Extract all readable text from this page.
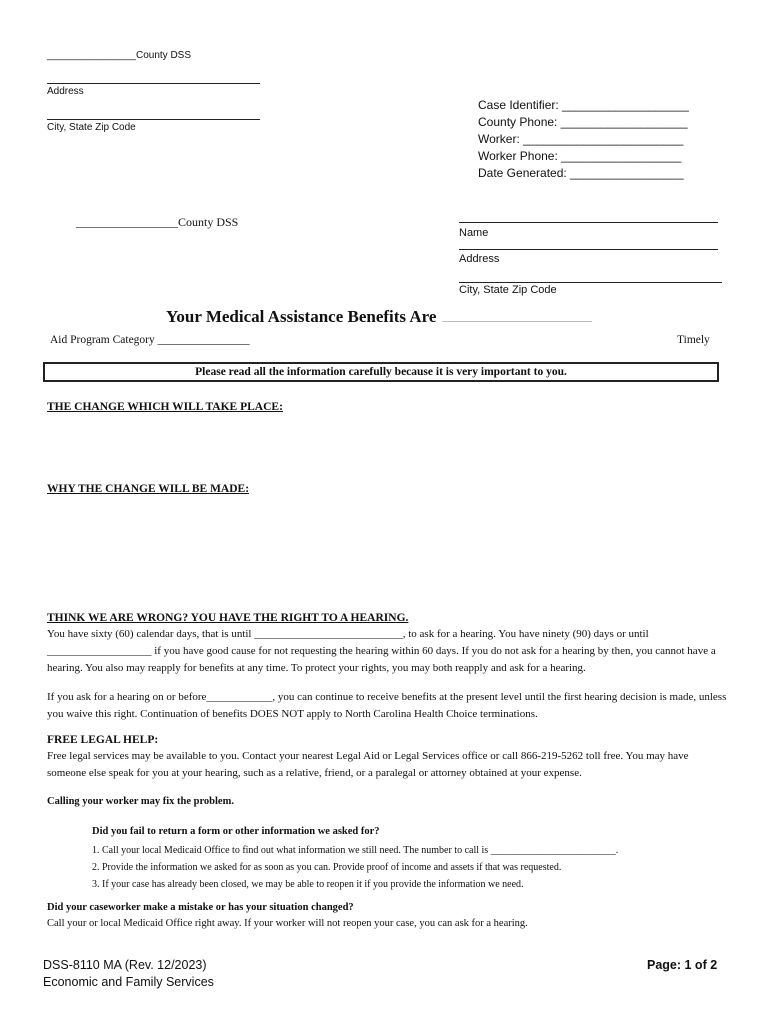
________________County DSS
Address
City, State Zip Code
Case Identifier: ___________________
County Phone: ___________________
Worker: ________________________
Worker Phone: __________________
Date Generated: _________________
_________________County DSS
Name
Address
City, State Zip Code
Your Medical Assistance Benefits Are
Aid Program Category ________________	Timely
Please read all the information carefully because it is very important to you.
THE CHANGE WHICH WILL TAKE PLACE:
WHY THE CHANGE WILL BE MADE:
THINK WE ARE WRONG? YOU HAVE THE RIGHT TO A HEARING.
You have sixty (60) calendar days, that is until ___________________________, to ask for a hearing. You have ninety (90) days or until ___________________ if you have good cause for not requesting the hearing within 60 days. If you do not ask for a hearing by then, you cannot have a hearing. You also may reapply for benefits at any time. To protect your rights, you may both reapply and ask for a hearing.
If you ask for a hearing on or before____________, you can continue to receive benefits at the present level until the first hearing decision is made, unless you waive this right. Continuation of benefits DOES NOT apply to North Carolina Health Choice terminations.
FREE LEGAL HELP:
Free legal services may be available to you. Contact your nearest Legal Aid or Legal Services office or call 866-219-5262 toll free. You may have someone else speak for you at your hearing, such as a relative, friend, or a paralegal or attorney obtained at your expense.
Calling your worker may fix the problem.
Did you fail to return a form or other information we asked for?
1. Call your local Medicaid Office to find out what information we still need. The number to call is _________________________.
2. Provide the information we asked for as soon as you can. Provide proof of income and assets if that was requested.
3. If your case has already been closed, we may be able to reopen it if you provide the information we need.
Did your caseworker make a mistake or has your situation changed?
Call your or local Medicaid Office right away. If your worker will not reopen your case, you can ask for a hearing.
DSS-8110 MA (Rev. 12/2023)
Economic and Family Services
Page: 1 of 2
